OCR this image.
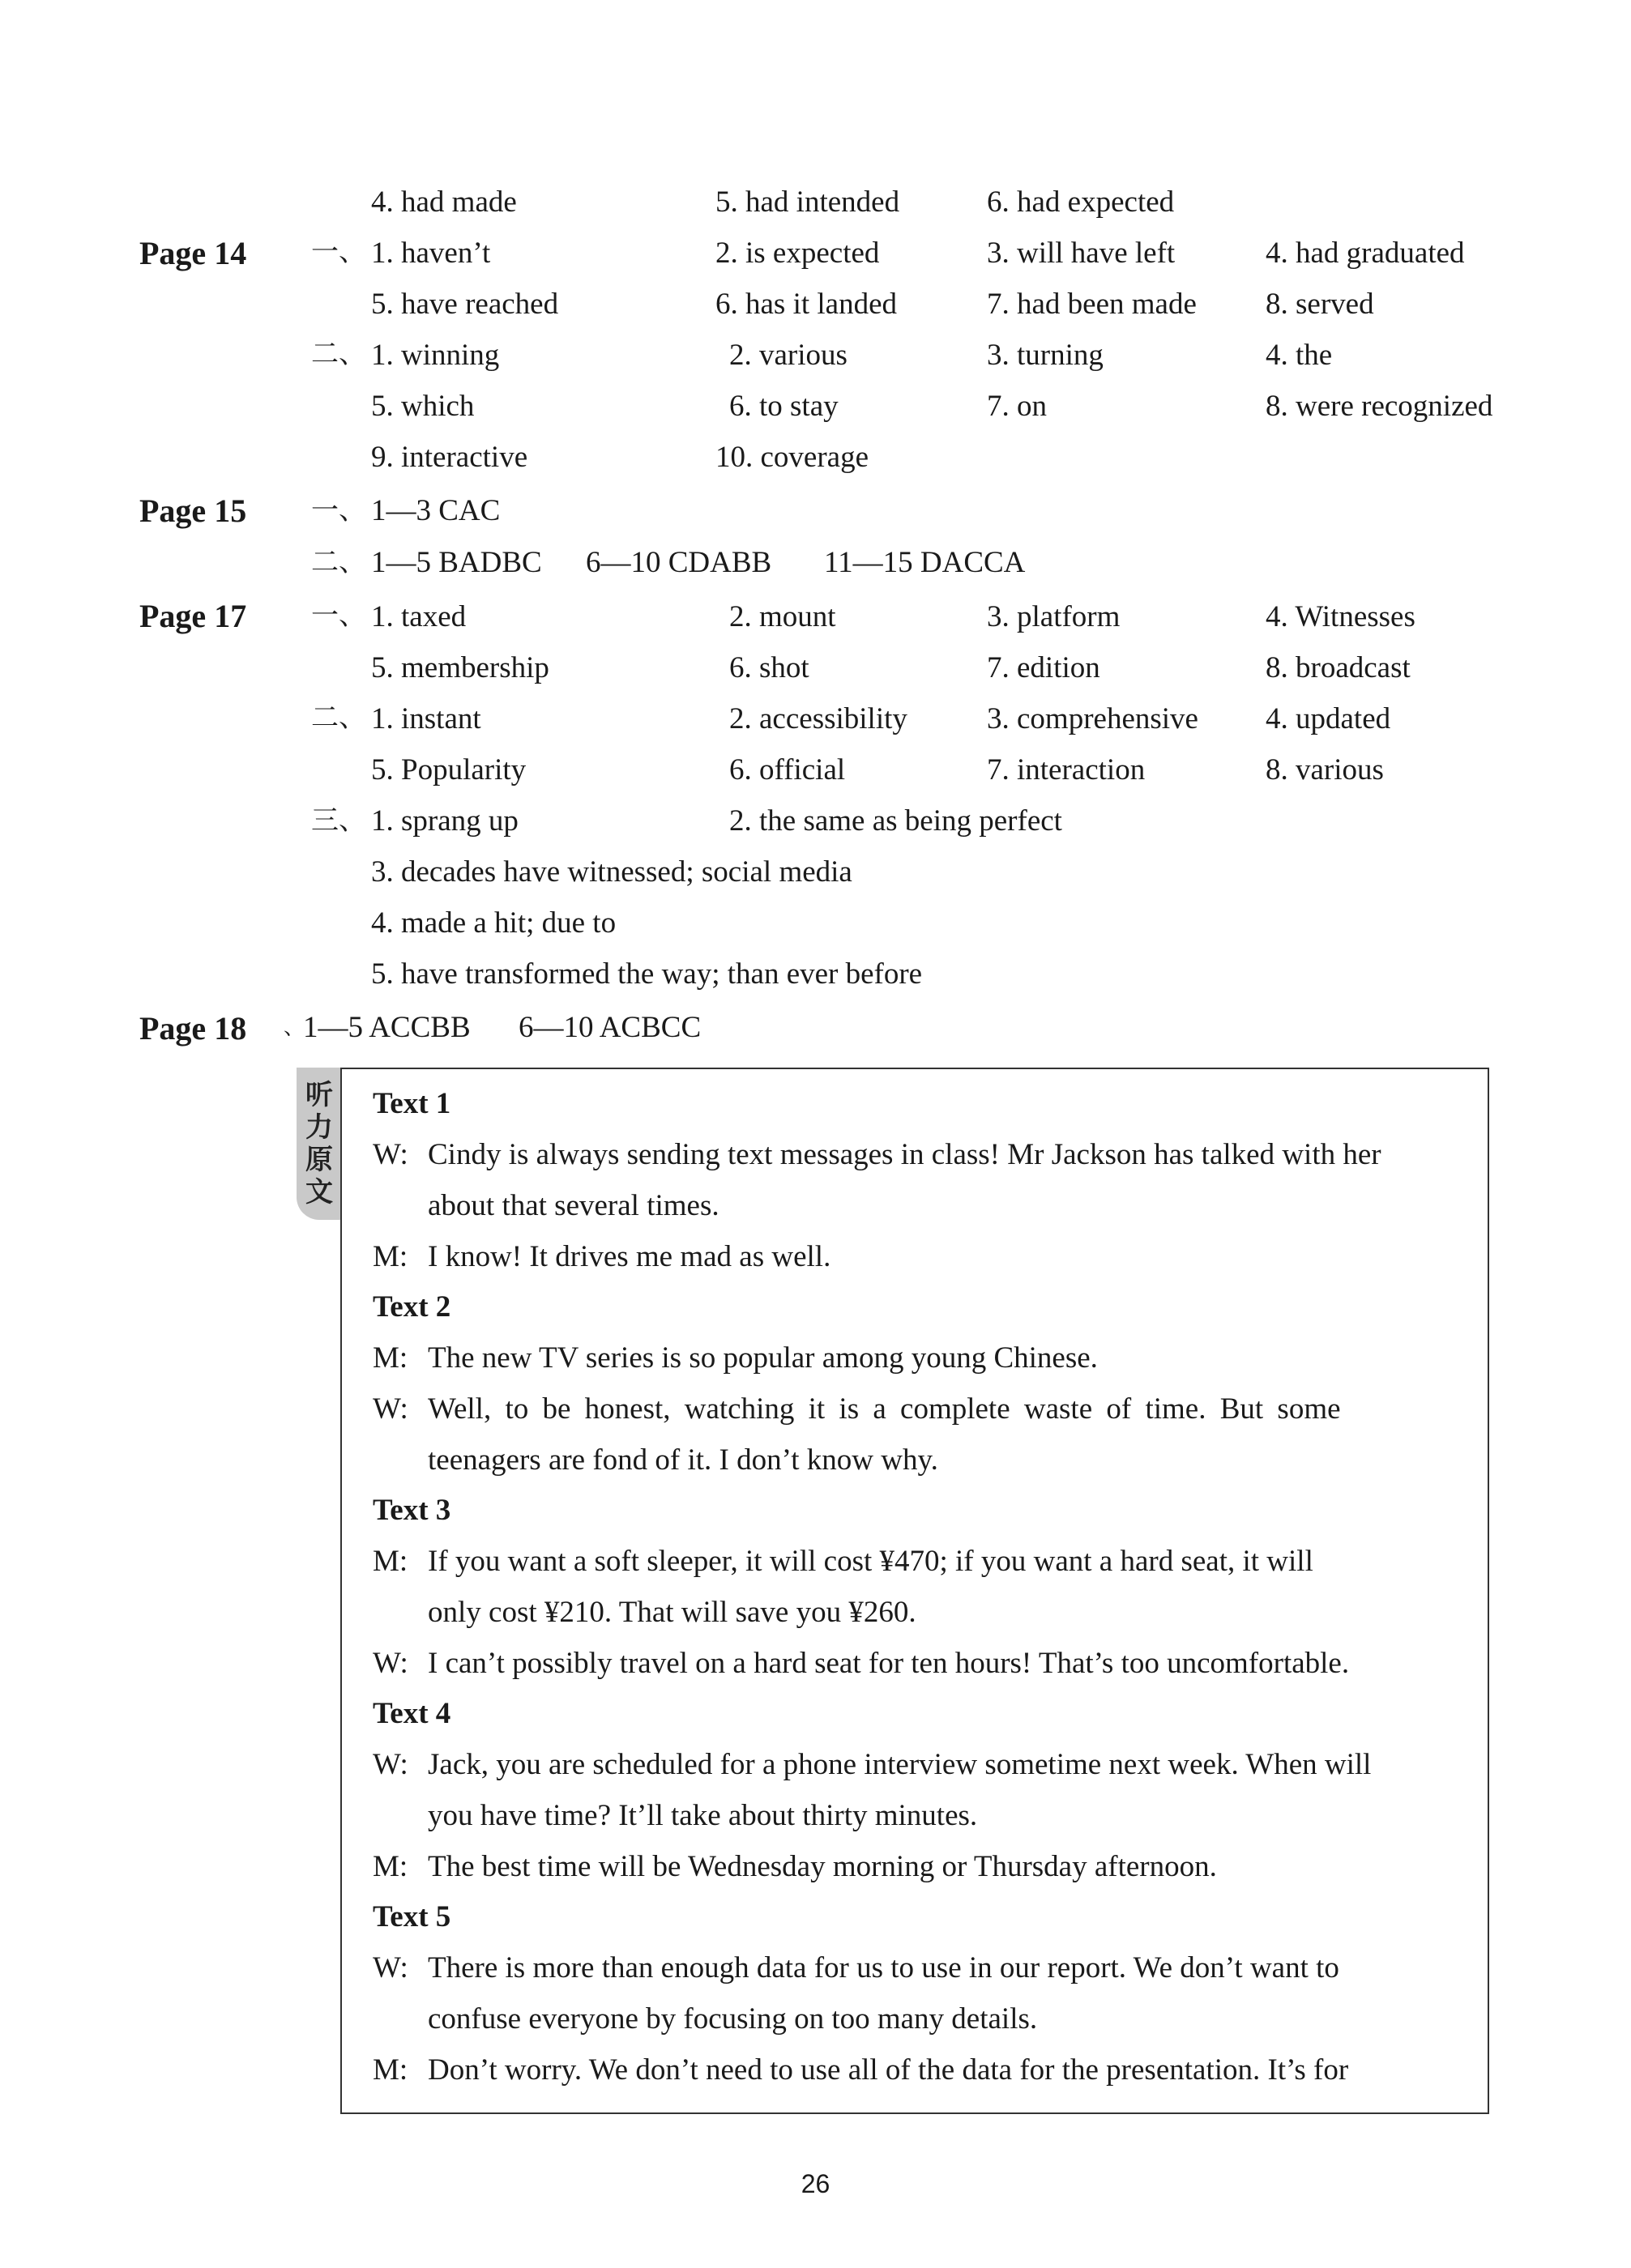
4. had made	5. had intended	6. had expected
Page 14 一、 1. haven’t	2. is expected	3. will have left	4. had graduated
5. have reached	6. has it landed	7. had been made 8. served
二、 1. winning	2. various	3. turning	4. the
5. which	6. to stay	7. on	8. were recognized
9. interactive	10. coverage
Page 15 一、 1—3 CAC
二、 1—5 BADBC 6—10 CDABB 11—15 DACCA
Page 17 一、 1. taxed	2. mount	3. platform	4. Witnesses
5. membership	6. shot	7. edition	8. broadcast
二、 1. instant	2. accessibility	3. comprehensive 4. updated
5. Popularity	6. official	7. interaction	8. various
三、 1. sprang up	2. the same as being perfect
3. decades have witnessed; social media
4. made a hit; due to
5. have transformed the way; than ever before
Page 18 、
1—5 ACCBB 6—10 ACBCC
听
力
原
文
Text 1
W: Cindy is always sending text messages in class! Mr Jackson has talked with her
about that several times.
M: I know! It drives me mad as well.
Text 2
M: The new TV series is so popular among young Chinese.
W: Well, to be honest, watching it is a complete waste of time. But some
teenagers are fond of it. I don’t know why.
Text 3
M: If you want a soft sleeper, it will cost ¥470; if you want a hard seat, it will
only cost ¥210. That will save you ¥260.
W: I can’t possibly travel on a hard seat for ten hours! That’s too uncomfortable.
Text 4
W: Jack, you are scheduled for a phone interview sometime next week. When will
you have time? It’ll take about thirty minutes.
M: The best time will be Wednesday morning or Thursday afternoon.
Text 5
W: There is more than enough data for us to use in our report. We don’t want to
confuse everyone by focusing on too many details.
M: Don’t worry. We don’t need to use all of the data for the presentation. It’s for
26
